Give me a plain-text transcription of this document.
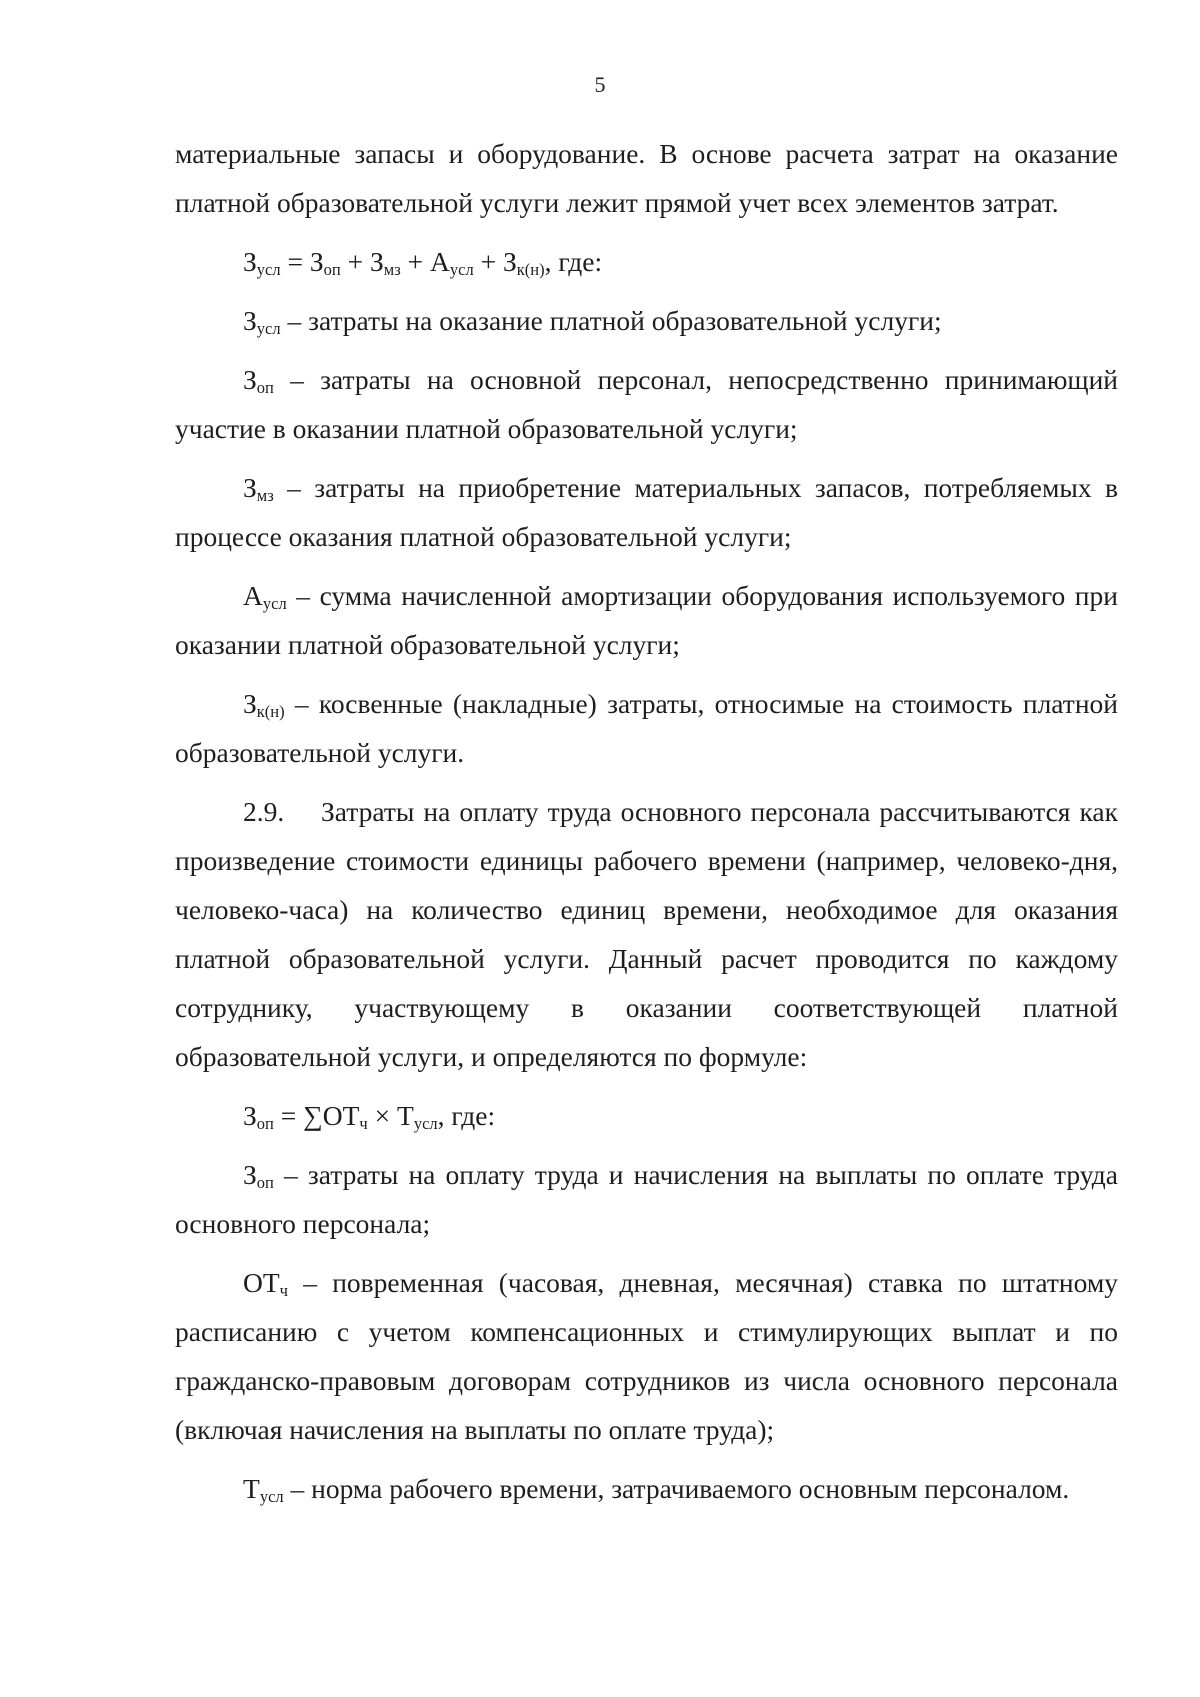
5

материальные запасы и оборудование. В основе расчета затрат на оказание платной образовательной услуги лежит прямой учет всех элементов затрат.

$З_{усл} = З_{оп} + З_{мз} + А_{усл} + З_{к(н)}$, где:

$З_{усл}$ – затраты на оказание платной образовательной услуги;

$З_{оп}$ – затраты на основной персонал, непосредственно принимающий участие в оказании платной образовательной услуги;

$З_{мз}$ – затраты на приобретение материальных запасов, потребляемых в процессе оказания платной образовательной услуги;

$А_{усл}$ – сумма начисленной амортизации оборудования используемого при оказании платной образовательной услуги;

$З_{к(н)}$ – косвенные (накладные) затраты, относимые на стоимость платной образовательной услуги.

2.9. Затраты на оплату труда основного персонала рассчитываются как произведение стоимости единицы рабочего времени (например, человеко-дня, человеко-часа) на количество единиц времени, необходимое для оказания платной образовательной услуги. Данный расчет проводится по каждому сотруднику, участвующему в оказании соответствующей платной образовательной услуги, и определяются по формуле:

$З_{оп} = \sum ОТ_ч \times Т_{усл}$, где:

$З_{оп}$ – затраты на оплату труда и начисления на выплаты по оплате труда основного персонала;

$ОТ_ч$ – повременная (часовая, дневная, месячная) ставка по штатному расписанию с учетом компенсационных и стимулирующих выплат и по гражданско-правовым договорам сотрудников из числа основного персонала (включая начисления на выплаты по оплате труда);

$Т_{усл}$ – норма рабочего времени, затрачиваемого основным персоналом.
